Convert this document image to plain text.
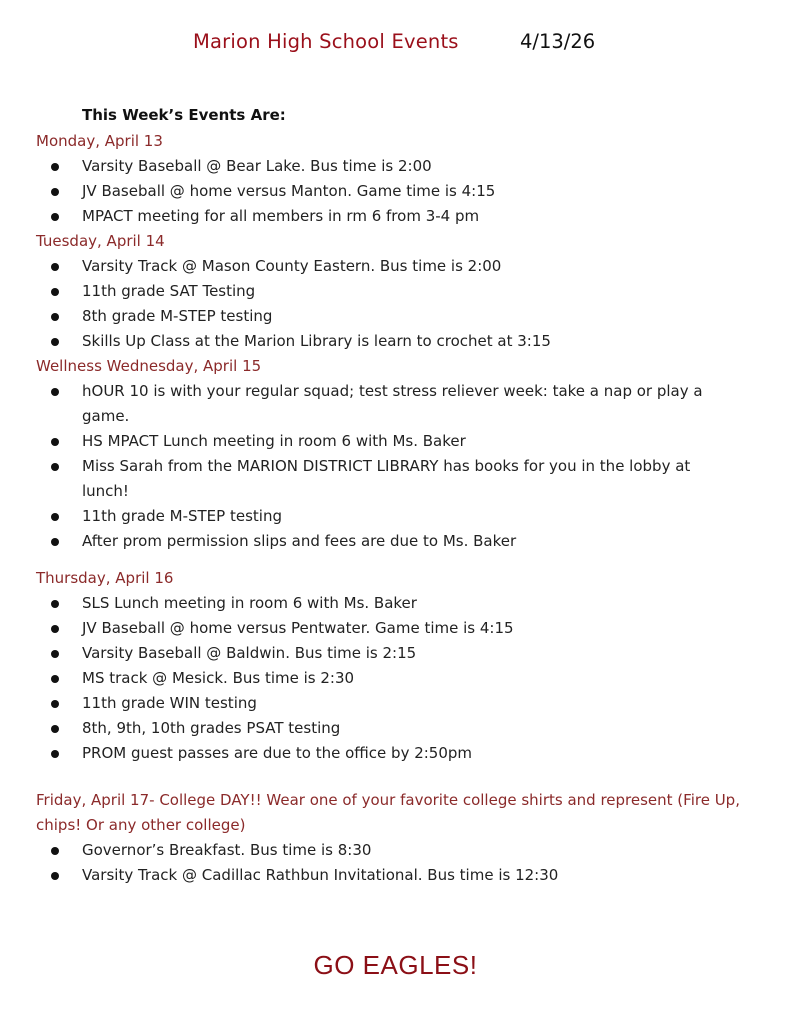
Marion High School Events	4/13/26
This Week’s Events Are:

Monday, April 13

Varsity Baseball @ Bear Lake. Bus time is 2:00
JV Baseball @ home versus Manton. Game time is 4:15
MPACT meeting for all members in rm 6 from 3-4 pm

Tuesday, April 14

Varsity Track @ Mason County Eastern. Bus time is 2:00
11th grade SAT Testing
8th grade M-STEP testing
Skills Up Class at the Marion Library is learn to crochet at 3:15

Wellness Wednesday, April 15

hOUR 10 is with your regular squad; test stress reliever week: take a nap or play a game.
HS MPACT Lunch meeting in room 6 with Ms. Baker
Miss Sarah from the MARION DISTRICT LIBRARY has books for you in the lobby at lunch!
11th grade M-STEP testing
After prom permission slips and fees are due to Ms. Baker

Thursday, April 16

SLS Lunch meeting in room 6 with Ms. Baker
JV Baseball @ home versus Pentwater. Game time is 4:15
Varsity Baseball @ Baldwin. Bus time is 2:15
MS track @ Mesick. Bus time is 2:30
11th grade WIN testing
8th, 9th, 10th grades PSAT testing
PROM guest passes are due to the office by 2:50pm

Friday, April 17- College DAY!! Wear one of your favorite college shirts and represent (Fire Up, chips! Or any other college)

Governor’s Breakfast. Bus time is 8:30
Varsity Track @ Cadillac Rathbun Invitational. Bus time is 12:30
GO EAGLES!
